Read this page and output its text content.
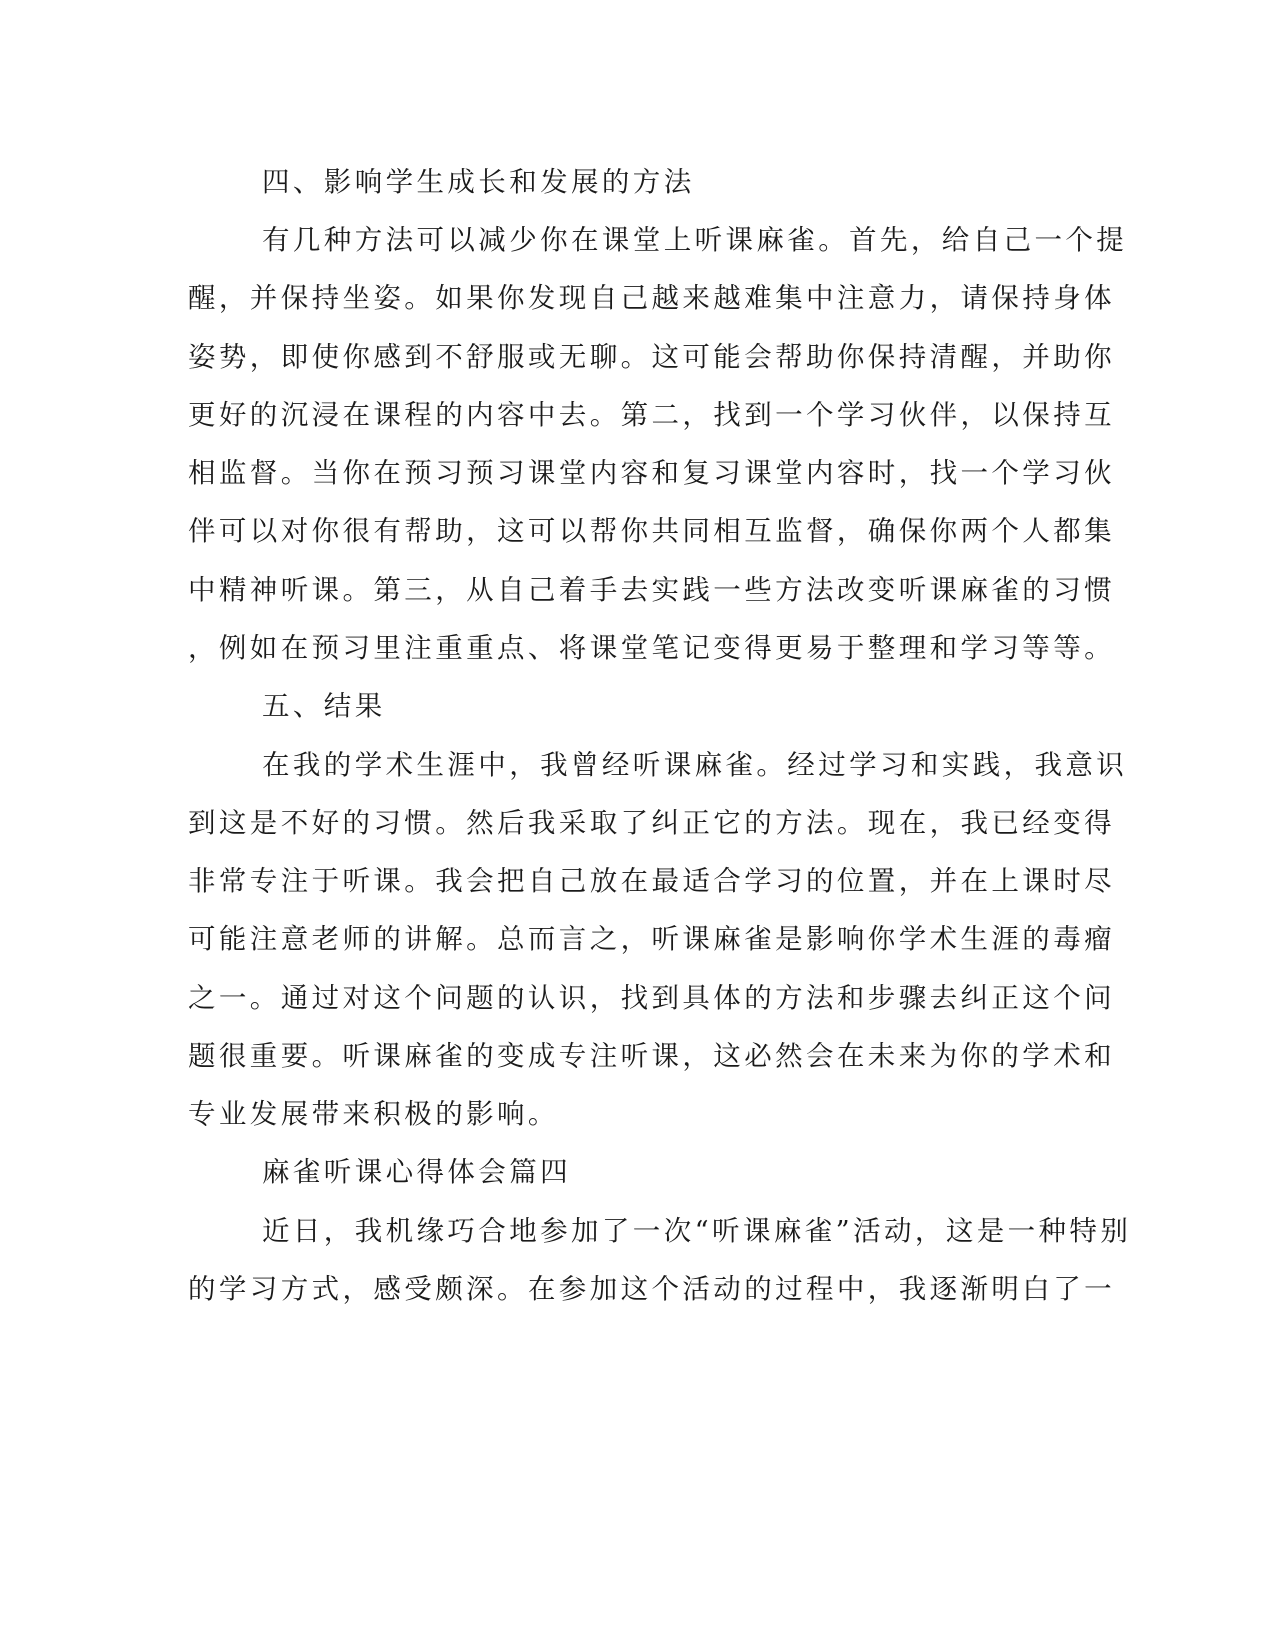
四、影响学生成长和发展的方法
有几种方法可以减少你在课堂上听课麻雀。首先，给自己一个提
醒，并保持坐姿。如果你发现自己越来越难集中注意力，请保持身体
姿势，即使你感到不舒服或无聊。这可能会帮助你保持清醒，并助你
更好的沉浸在课程的内容中去。第二，找到一个学习伙伴，以保持互
相监督。当你在预习预习课堂内容和复习课堂内容时，找一个学习伙
伴可以对你很有帮助，这可以帮你共同相互监督，确保你两个人都集
中精神听课。第三，从自己着手去实践一些方法改变听课麻雀的习惯
，例如在预习里注重重点、将课堂笔记变得更易于整理和学习等等。
五、结果
在我的学术生涯中，我曾经听课麻雀。经过学习和实践，我意识
到这是不好的习惯。然后我采取了纠正它的方法。现在，我已经变得
非常专注于听课。我会把自己放在最适合学习的位置，并在上课时尽
可能注意老师的讲解。总而言之，听课麻雀是影响你学术生涯的毒瘤
之一。通过对这个问题的认识，找到具体的方法和步骤去纠正这个问
题很重要。听课麻雀的变成专注听课，这必然会在未来为你的学术和
专业发展带来积极的影响。
麻雀听课心得体会篇四
近日，我机缘巧合地参加了一次“听课麻雀”活动，这是一种特别
的学习方式，感受颇深。在参加这个活动的过程中，我逐渐明白了一
